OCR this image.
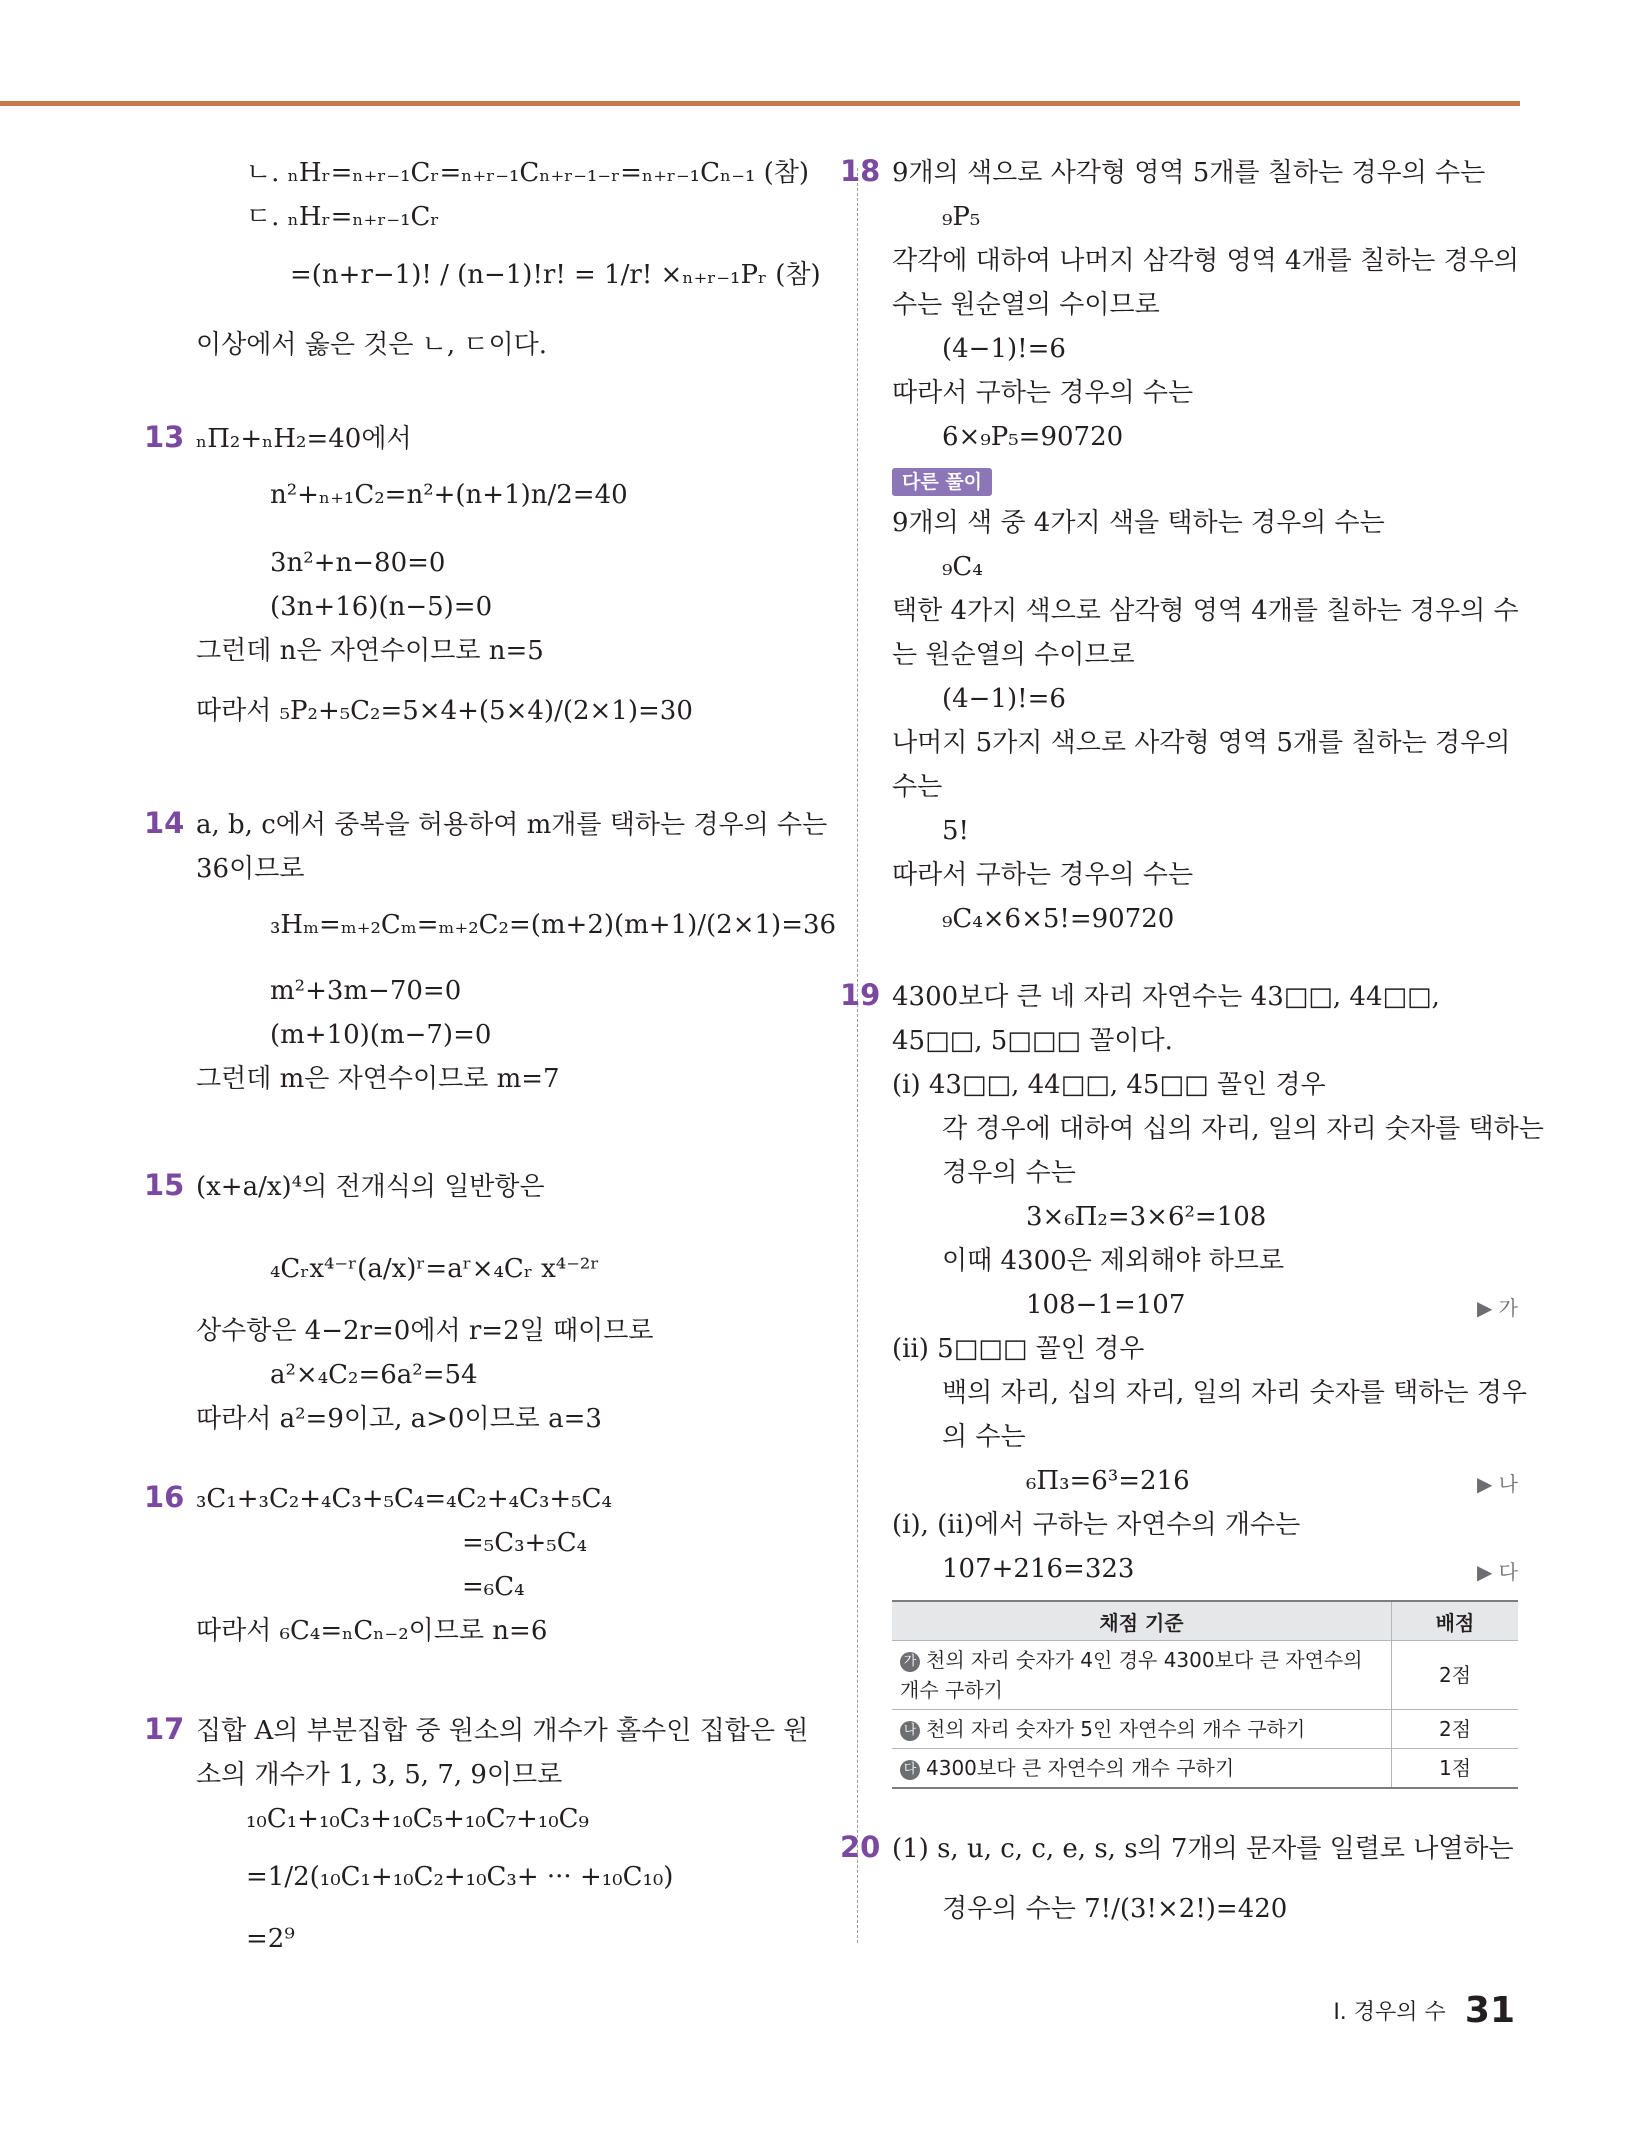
ㄴ. ₙHᵣ=ₙ₊ᵣ₋₁Cᵣ=ₙ₊ᵣ₋₁Cₙ₊ᵣ₋₁₋ᵣ=ₙ₊ᵣ₋₁Cₙ₋₁ (참)
ㄷ. ₙHᵣ=ₙ₊ᵣ₋₁Cᵣ
=(n+r−1)! / (n−1)!r! = 1/r! ×ₙ₊ᵣ₋₁Pᵣ (참)
이상에서 옳은 것은 ㄴ, ㄷ이다.
13 ₙΠ₂+ₙH₂=40에서
n²+ₙ₊₁C₂=n²+(n+1)n/2=40
3n²+n−80=0
(3n+16)(n−5)=0
그런데 n은 자연수이므로 n=5
따라서 ₅P₂+₅C₂=5×4+(5×4)/(2×1)=30
14 a, b, c에서 중복을 허용하여 m개를 택하는 경우의 수는
36이므로
₃Hₘ=ₘ₊₂Cₘ=ₘ₊₂C₂=(m+2)(m+1)/(2×1)=36
m²+3m−70=0
(m+10)(m−7)=0
그런데 m은 자연수이므로 m=7
15 (x+a/x)⁴의 전개식의 일반항은
₄Cᵣx⁴⁻ʳ(a/x)ʳ=aʳ×₄Cᵣ x⁴⁻²ʳ
상수항은 4−2r=0에서 r=2일 때이므로
a²×₄C₂=6a²=54
따라서 a²=9이고, a>0이므로 a=3
16 ₃C₁+₃C₂+₄C₃+₅C₄=₄C₂+₄C₃+₅C₄
=₅C₃+₅C₄
=₆C₄
따라서 ₆C₄=ₙCₙ₋₂이므로 n=6
17 집합 A의 부분집합 중 원소의 개수가 홀수인 집합은 원
소의 개수가 1, 3, 5, 7, 9이므로
₁₀C₁+₁₀C₃+₁₀C₅+₁₀C₇+₁₀C₉
=1/2(₁₀C₁+₁₀C₂+₁₀C₃+ ··· +₁₀C₁₀)
=2⁹
18 9개의 색으로 사각형 영역 5개를 칠하는 경우의 수는
₉P₅
각각에 대하여 나머지 삼각형 영역 4개를 칠하는 경우의
수는 원순열의 수이므로
(4−1)!=6
따라서 구하는 경우의 수는
6×₉P₅=90720
다른 풀이
9개의 색 중 4가지 색을 택하는 경우의 수는
₉C₄
택한 4가지 색으로 삼각형 영역 4개를 칠하는 경우의 수
는 원순열의 수이므로
(4−1)!=6
나머지 5가지 색으로 사각형 영역 5개를 칠하는 경우의
수는
5!
따라서 구하는 경우의 수는
₉C₄×6×5!=90720
19 4300보다 큰 네 자리 자연수는 43□□, 44□□,
45□□, 5□□□ 꼴이다.
(i) 43□□, 44□□, 45□□ 꼴인 경우
각 경우에 대하여 십의 자리, 일의 자리 숫자를 택하는
경우의 수는
3×₆Π₂=3×6²=108
이때 4300은 제외해야 하므로
108−1=107	▶ 가
(ii) 5□□□ 꼴인 경우
백의 자리, 십의 자리, 일의 자리 숫자를 택하는 경우
의 수는
₆Π₃=6³=216	▶ 나
(i), (ii)에서 구하는 자연수의 개수는
107+216=323	▶ 다
채점 기준	배점
가 천의 자리 숫자가 4인 경우 4300보다 큰 자연수의 개수 구하기	2점
나 천의 자리 숫자가 5인 자연수의 개수 구하기	2점
다 4300보다 큰 자연수의 개수 구하기	1점
20 (1) s, u, c, c, e, s, s의 7개의 문자를 일렬로 나열하는
경우의 수는 7!/(3!×2!)=420
Ⅰ. 경우의 수 31
